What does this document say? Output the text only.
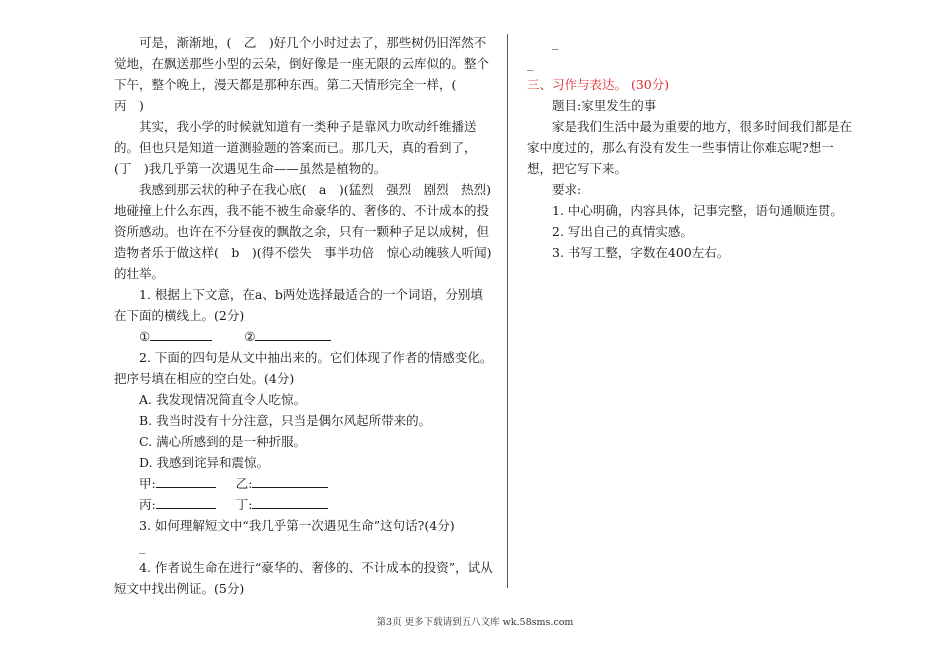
可是，渐渐地，(　乙　)好几个小时过去了，那些树仍旧浑然不觉地，在飘送那些小型的云朵，倒好像是一座无限的云库似的。整个下午，整个晚上，漫天都是那种东西。第二天情形完全一样，(　丙　)

其实，我小学的时候就知道有一类种子是靠风力吹动纤维播送的。但也只是知道一道测验题的答案而已。那几天，真的看到了，(丁　)我几乎第一次遇见生命——虽然是植物的。

我感到那云状的种子在我心底(　a　)(猛烈　强烈　剧烈　热烈)地碰撞上什么东西，我不能不被生命豪华的、奢侈的、不计成本的投资所感动。也许在不分昼夜的飘散之余，只有一颗种子足以成树，但造物者乐于做这样(　b　)(得不偿失　事半功倍　惊心动魄骇人听闻)的壮举。

1. 根据上下文意，在a、b两处选择最适合的一个词语，分别填在下面的横线上。(2分)

①	②

2. 下面的四句是从文中抽出来的。它们体现了作者的情感变化。把序号填在相应的空白处。(4分)

A. 我发现情况简直令人吃惊。

B. 我当时没有十分注意，只当是偶尔风起所带来的。

C. 满心所感到的是一种折服。

D. 我感到诧异和震惊。

甲:	乙:
丙:	丁:

3. 如何理解短文中“我几乎第一次遇见生命”这句话?(4分)

_

4. 作者说生命在进行“豪华的、奢侈的、不计成本的投资”，试从短文中找出例证。(5分)

_

_

三、习作与表达。 (30分)

题目:家里发生的事

家是我们生活中最为重要的地方，很多时间我们都是在家中度过的，那么有没有发生一些事情让你难忘呢?想一想，把它写下来。

要求:

1. 中心明确，内容具体，记事完整，语句通顺连贯。

2. 写出自己的真情实感。

3. 书写工整，字数在400左右。

第3页 更多下载请到五八文库 wk.58sms.com
